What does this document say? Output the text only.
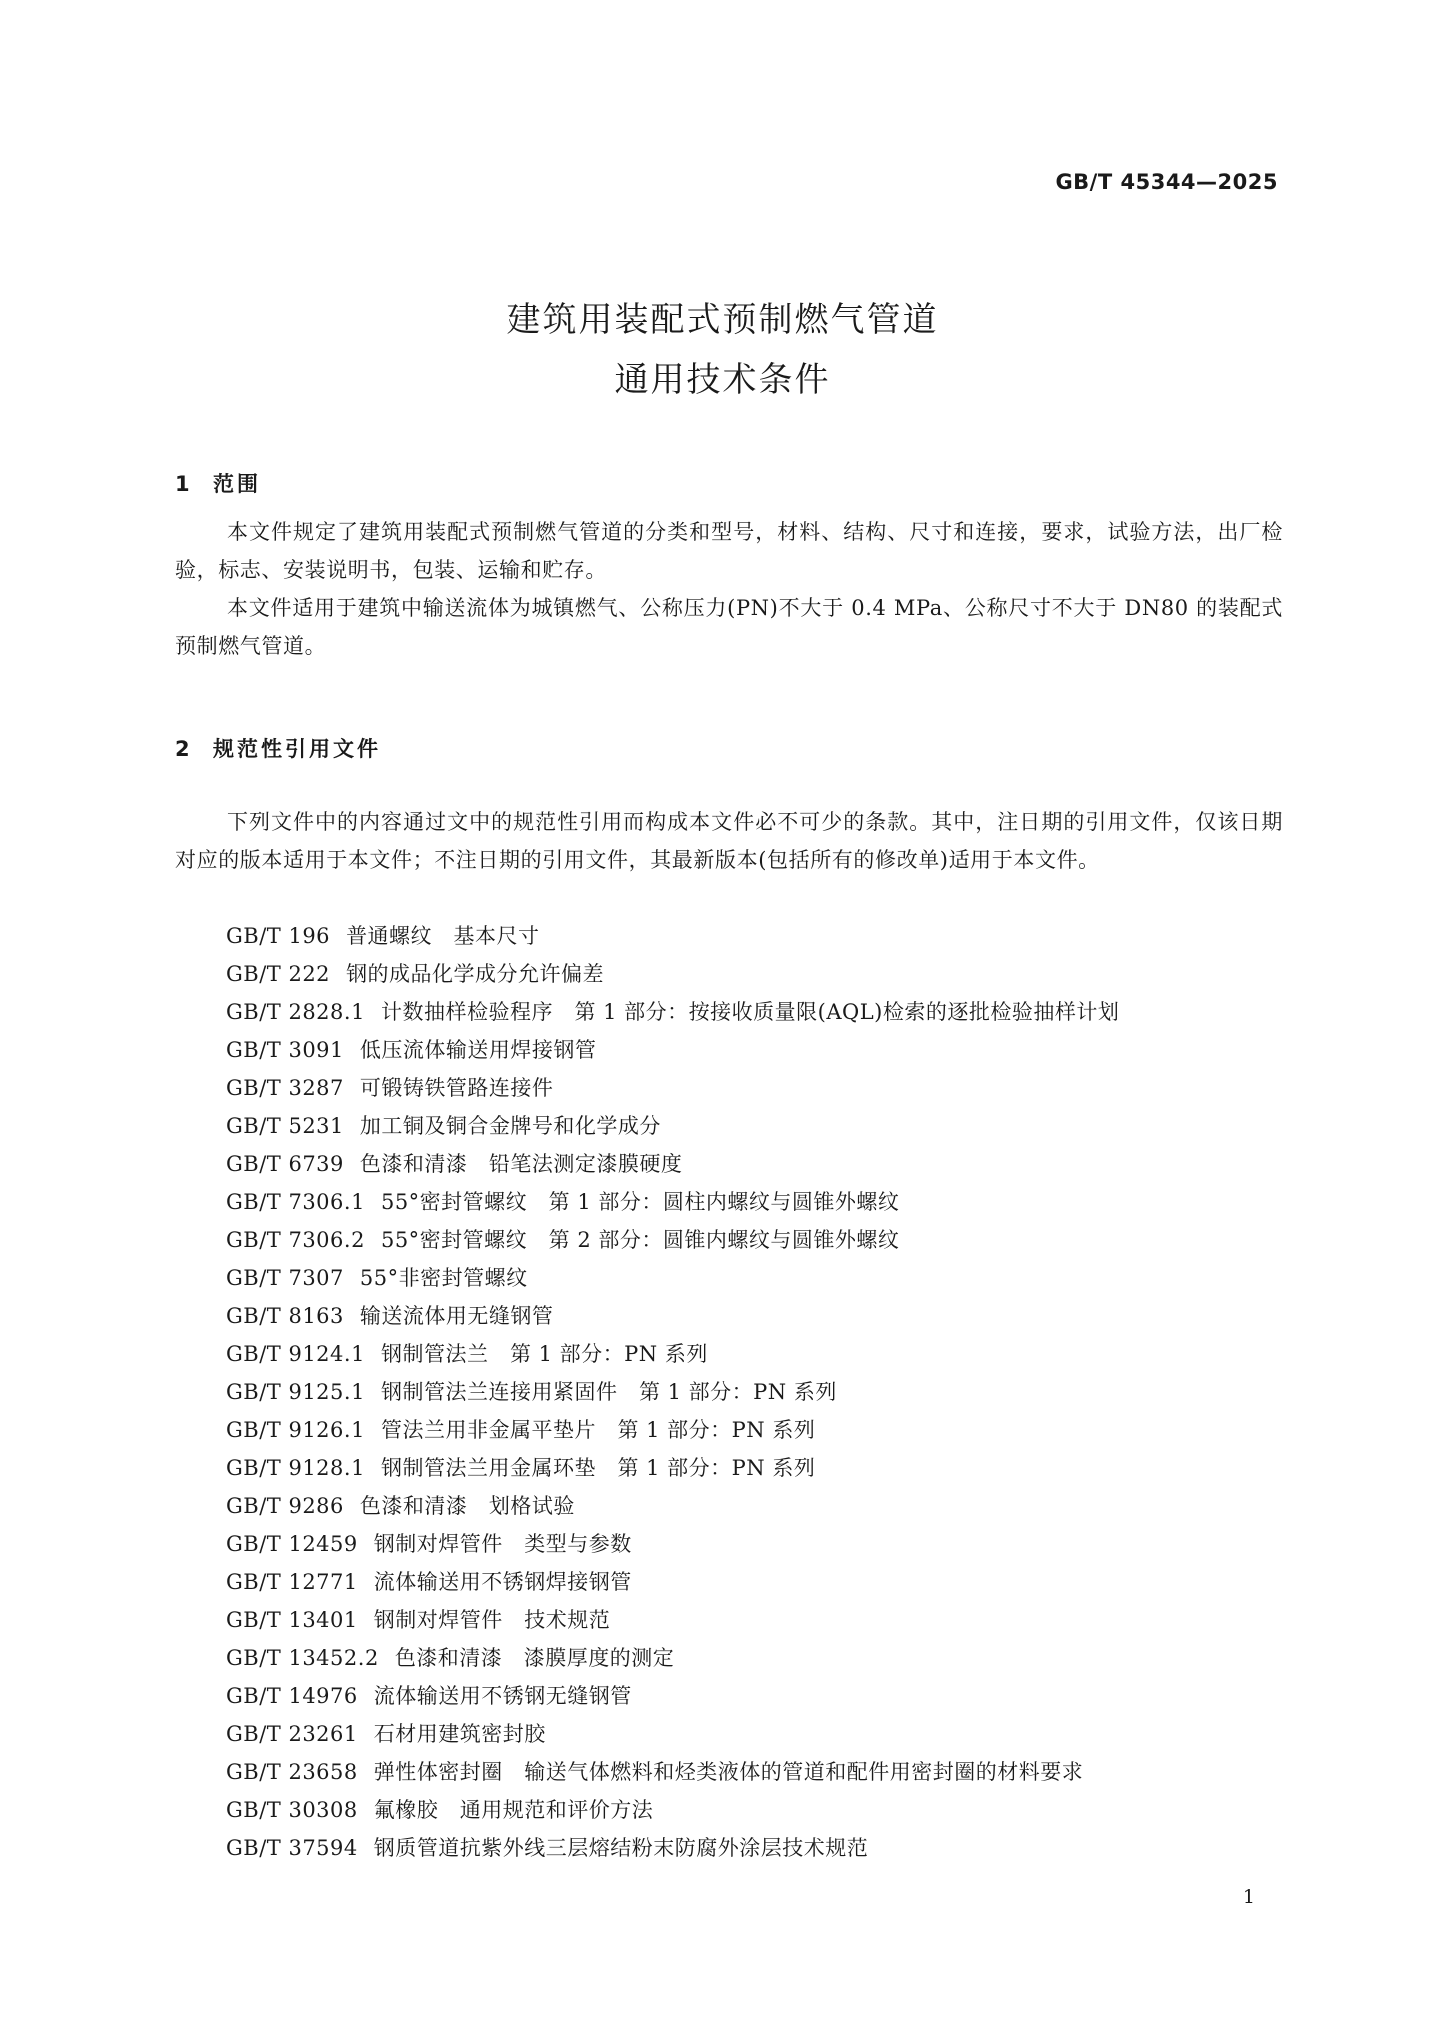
GB/T 45344—2025
建筑用装配式预制燃气管道
通用技术条件
1 范围

本文件规定了建筑用装配式预制燃气管道的分类和型号，材料、结构、尺寸和连接，要求，试验方法，出厂检验，标志、安装说明书，包装、运输和贮存。

本文件适用于建筑中输送流体为城镇燃气、公称压力(PN)不大于 0.4 MPa、公称尺寸不大于 DN80 的装配式预制燃气管道。

2 规范性引用文件

下列文件中的内容通过文中的规范性引用而构成本文件必不可少的条款。其中，注日期的引用文件，仅该日期对应的版本适用于本文件；不注日期的引用文件，其最新版本(包括所有的修改单)适用于本文件。

GB/T 196 普通螺纹　基本尺寸
GB/T 222 钢的成品化学成分允许偏差
GB/T 2828.1 计数抽样检验程序　第 1 部分：按接收质量限(AQL)检索的逐批检验抽样计划
GB/T 3091 低压流体输送用焊接钢管
GB/T 3287 可锻铸铁管路连接件
GB/T 5231 加工铜及铜合金牌号和化学成分
GB/T 6739 色漆和清漆　铅笔法测定漆膜硬度
GB/T 7306.1 55°密封管螺纹　第 1 部分：圆柱内螺纹与圆锥外螺纹
GB/T 7306.2 55°密封管螺纹　第 2 部分：圆锥内螺纹与圆锥外螺纹
GB/T 7307 55°非密封管螺纹
GB/T 8163 输送流体用无缝钢管
GB/T 9124.1 钢制管法兰　第 1 部分：PN 系列
GB/T 9125.1 钢制管法兰连接用紧固件　第 1 部分：PN 系列
GB/T 9126.1 管法兰用非金属平垫片　第 1 部分：PN 系列
GB/T 9128.1 钢制管法兰用金属环垫　第 1 部分：PN 系列
GB/T 9286 色漆和清漆　划格试验
GB/T 12459 钢制对焊管件　类型与参数
GB/T 12771 流体输送用不锈钢焊接钢管
GB/T 13401 钢制对焊管件　技术规范
GB/T 13452.2 色漆和清漆　漆膜厚度的测定
GB/T 14976 流体输送用不锈钢无缝钢管
GB/T 23261 石材用建筑密封胶
GB/T 23658 弹性体密封圈　输送气体燃料和烃类液体的管道和配件用密封圈的材料要求
GB/T 30308 氟橡胶　通用规范和评价方法
GB/T 37594 钢质管道抗紫外线三层熔结粉末防腐外涂层技术规范
1
